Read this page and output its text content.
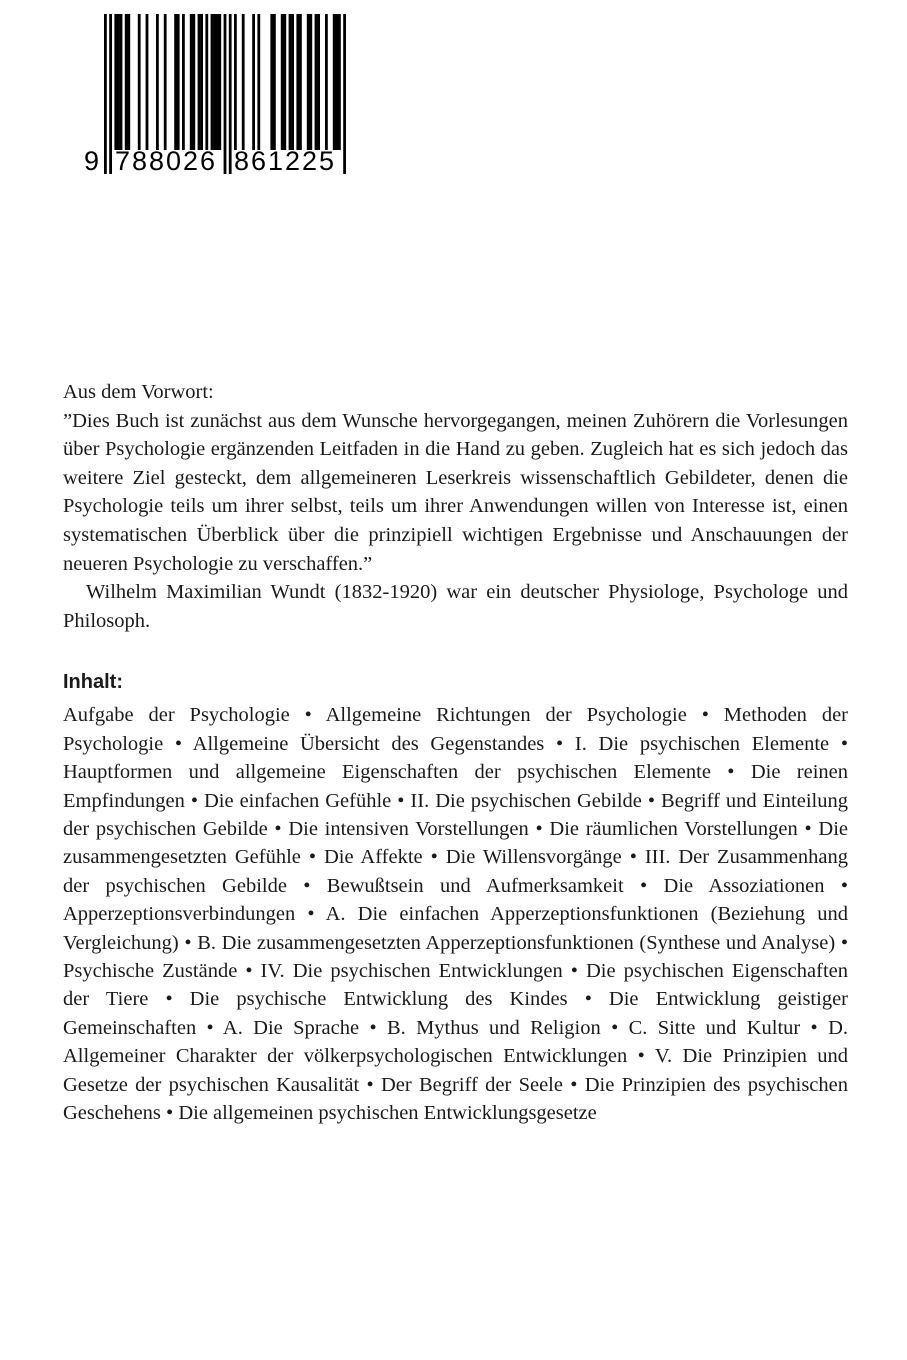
9 7 8 8 0 2 6 8 6 1 2 2 5

Aus dem Vorwort:

”Dies Buch ist zunächst aus dem Wunsche hervorgegangen, meinen Zuhörern die Vorlesungen über Psychologie ergänzenden Leitfaden in die Hand zu geben. Zugleich hat es sich jedoch das weitere Ziel gesteckt, dem allgemeineren Leserkreis wissenschaftlich Gebildeter, denen die Psychologie teils um ihrer selbst, teils um ihrer Anwendungen willen von Interesse ist, einen systematischen Überblick über die prinzipiell wichtigen Ergebnisse und Anschauungen der neueren Psychologie zu verschaffen.”

Wilhelm Maximilian Wundt (1832-1920) war ein deutscher Physiologe, Psychologe und Philosoph.

Inhalt:

Aufgabe der Psychologie • Allgemeine Richtungen der Psychologie • Methoden der Psychologie • Allgemeine Übersicht des Gegenstandes • I. Die psychischen Elemente • Hauptformen und allgemeine Eigenschaften der psychischen Elemente • Die reinen Empfindungen • Die einfachen Gefühle • II. Die psychischen Gebilde • Begriff und Einteilung der psychischen Gebilde • Die intensiven Vorstellungen • Die räumlichen Vorstellungen • Die zusammengesetzten Gefühle • Die Affekte • Die Willensvorgänge • III. Der Zusammenhang der psychischen Gebilde • Bewußtsein und Aufmerksamkeit • Die Assoziationen • Apperzeptionsverbindungen • A. Die einfachen Apperzeptionsfunktionen (Beziehung und Vergleichung) • B. Die zusammengesetzten Apperzeptionsfunktionen (Synthese und Analyse) • Psychische Zustände • IV. Die psychischen Entwicklungen • Die psychischen Eigenschaften der Tiere • Die psychische Entwicklung des Kindes • Die Entwicklung geistiger Gemeinschaften • A. Die Sprache • B. Mythus und Religion • C. Sitte und Kultur • D. Allgemeiner Charakter der völkerpsychologischen Entwicklungen • V. Die Prinzipien und Gesetze der psychischen Kausalität • Der Begriff der Seele • Die Prinzipien des psychischen Geschehens • Die allgemeinen psychischen Entwicklungsgesetze
